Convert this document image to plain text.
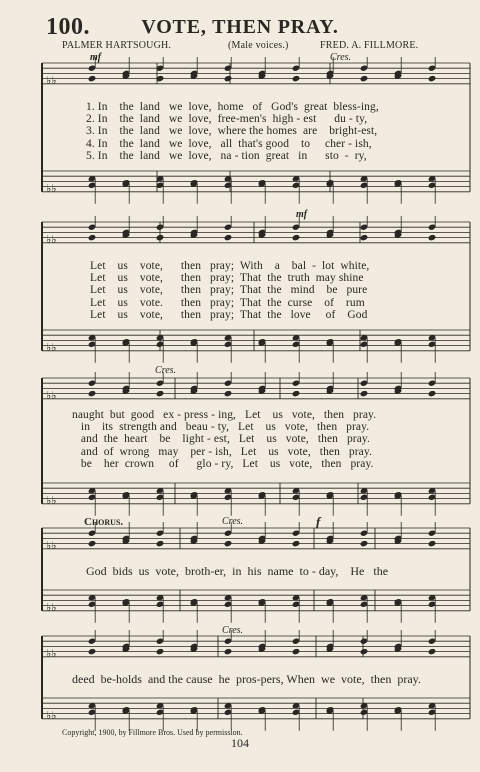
♭♭
♭♭
♭♭
♭♭
♭♭
♭♭
♭♭
♭♭
♭♭
♭♭
100.	VOTE, THEN PRAY.
PALMER HARTSOUGH.	(Male voices.)	FRED. A. FILLMORE.
mf	Cres.
mf
Cres.
Chorus.	Cres.	f
Cres.
1. In    the  land   we  love,  home   of   God's  great  bless-ing,
2. In    the  land   we  love,  free-men's  high - est      du - ty,
3. In    the  land   we  love,  where the homes  are    bright-est,
4. In    the  land   we  love,   all  that's good    to     cher - ish,
5. In    the  land   we  love,   na - tion  great   in      sto  -  ry,
Let    us    vote,      then   pray;  With    a    bal  -  lot  white,
Let    us    vote,      then   pray;  That  the  truth  may shine
Let    us    vote,      then   pray;  That  the   mind    be   pure
Let    us    vote.      then   pray;  That  the  curse    of    rum
Let    us    vote,      then   pray;  That  the   love     of    God
naught  but  good   ex - press - ing,   Let    us   vote,   then   pray.
in    its  strength and   beau - ty,   Let    us   vote,   then   pray.
and  the  heart    be    light - est,   Let    us   vote,   then   pray.
and  of  wrong   may    per - ish,   Let    us   vote,   then   pray.
be    her  crown     of      glo - ry,   Let    us   vote,   then   pray.
God  bids  us  vote,  broth-er,  in  his  name  to - day,    He   the
deed  be-holds  and the cause  he  pros-pers, When  we  vote,  then  pray.
Copyright, 1900, by Fillmore Bros. Used by permission.
104
